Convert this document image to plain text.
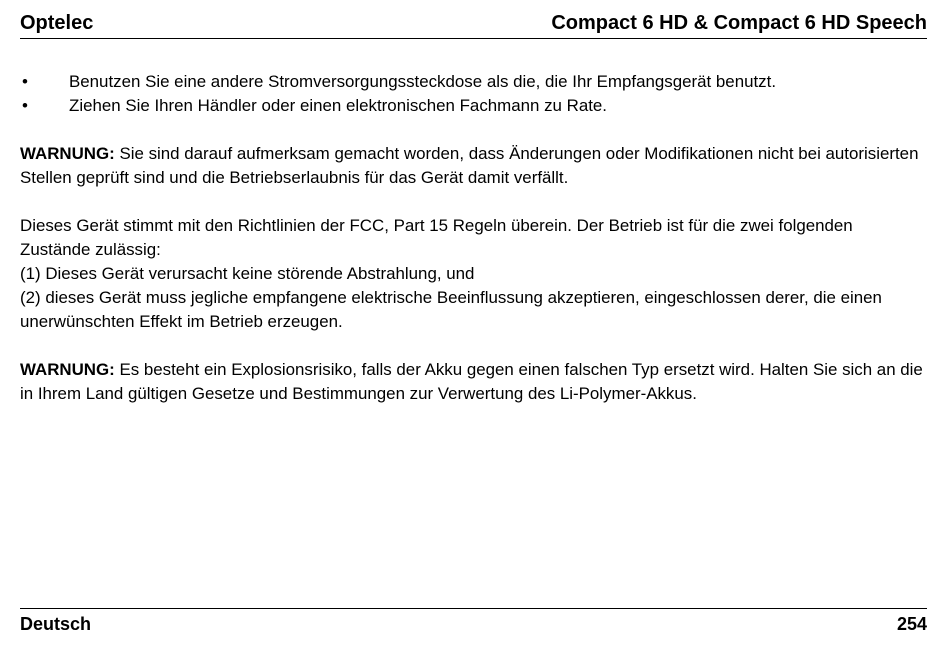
Optelec	Compact 6 HD & Compact 6 HD Speech
• Benutzen Sie eine andere Stromversorgungssteckdose als die, die Ihr Empfangsgerät benutzt.
• Ziehen Sie Ihren Händler oder einen elektronischen Fachmann zu Rate.

WARNUNG: Sie sind darauf aufmerksam gemacht worden, dass Änderungen oder Modifikationen nicht bei autorisierten Stellen geprüft sind und die Betriebserlaubnis für das Gerät damit verfällt.

Dieses Gerät stimmt mit den Richtlinien der FCC, Part 15 Regeln überein. Der Betrieb ist für die zwei folgenden Zustände zulässig:

(1) Dieses Gerät verursacht keine störende Abstrahlung, und

(2) dieses Gerät muss jegliche empfangene elektrische Beeinflussung akzeptieren, eingeschlossen derer, die einen unerwünschten Effekt im Betrieb erzeugen.

WARNUNG: Es besteht ein Explosionsrisiko, falls der Akku gegen einen falschen Typ ersetzt wird. Halten Sie sich an die in Ihrem Land gültigen Gesetze und Bestimmungen zur Verwertung des Li-Polymer-Akkus.

Deutsch	254
